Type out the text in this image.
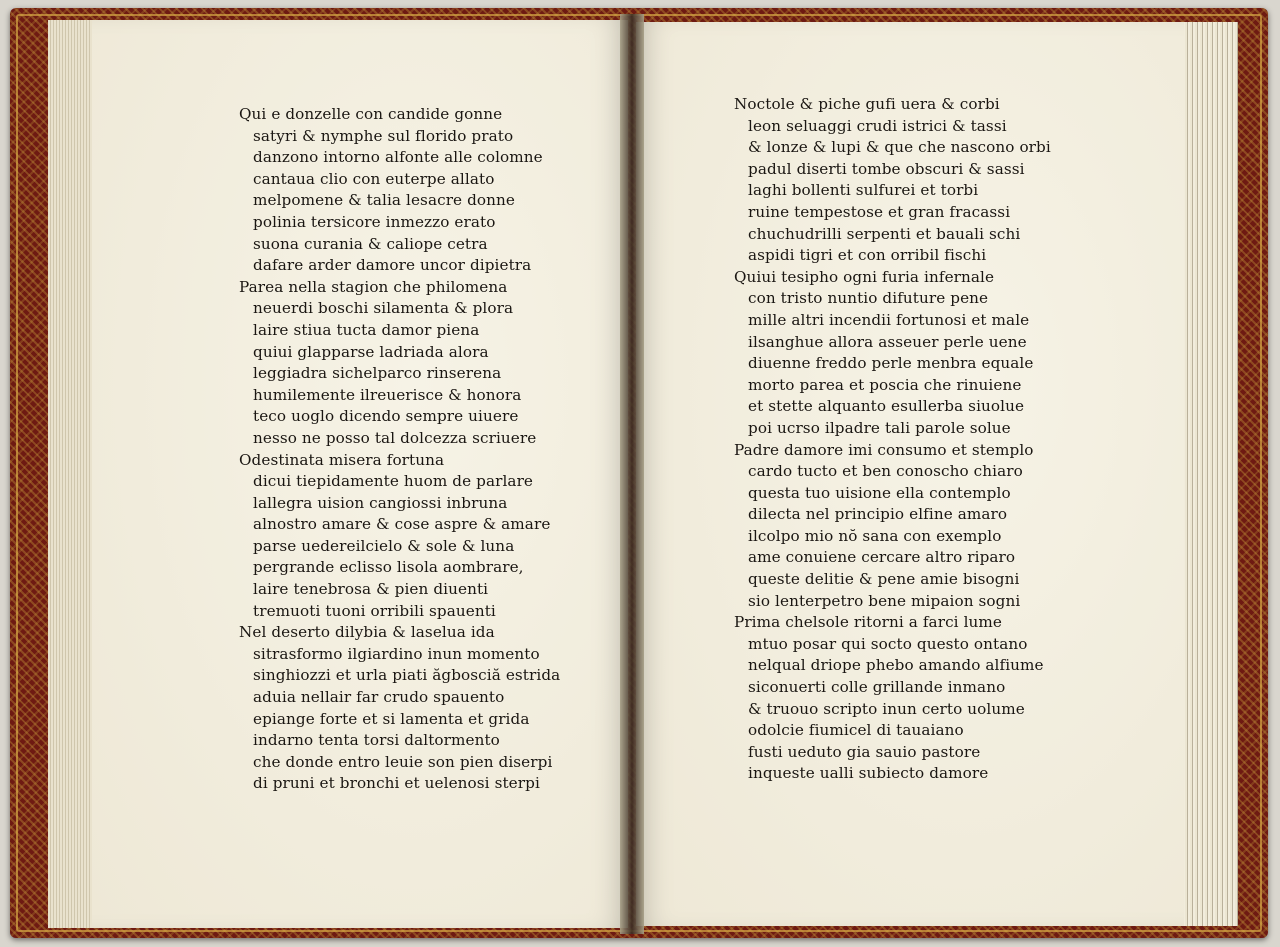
Qui e donzelle con candide gonne
satyri & nymphe sul florido prato
danzono intorno alfonte alle colomne
cantaua clio con euterpe allato
melpomene & talia lesacre donne
polinia tersicore inmezzo erato
suona curania & caliope cetra
dafare arder damore uncor dipietra
Parea nella stagion che philomena
neuerdi boschi silamenta & plora
laire stiua tucta damor piena
quiui glapparse ladriada alora
leggiadra sichelparco rinserena
humilemente ilreuerisce & honora
teco uoglo dicendo sempre uiuere
nesso ne posso tal dolcezza scriuere
Odestinata misera fortuna
dicui tiepidamente huom de parlare
lallegra uision cangiossi inbruna
alnostro amare & cose aspre & amare
parse uedereilcielo & sole & luna
pergrande eclisso lisola aombrare,
laire tenebrosa & pien diuenti
tremuoti tuoni orribili spauenti
Nel deserto dilybia & laselua ida
sitrasformo ilgiardino inun momento
singhiozzi et urla piati ăgbosciă estrida
aduia nellair far crudo spauento
epiange forte et si lamenta et grida
indarno tenta torsi daltormento
che donde entro leuie son pien diserpi
di pruni et bronchi et uelenosi sterpi
Noctole & piche gufi uera & corbi
leon seluaggi crudi istrici & tassi
& lonze & lupi & que che nascono orbi
padul diserti tombe obscuri & sassi
laghi bollenti sulfurei et torbi
ruine tempestose et gran fracassi
chuchudrilli serpenti et bauali schi
aspidi tigri et con orribil fischi
Quiui tesipho ogni furia infernale
con tristo nuntio difuture pene
mille altri incendii fortunosi et male
ilsanghue allora asseuer perle uene
diuenne freddo perle menbra equale
morto parea et poscia che rinuiene
et stette alquanto esullerba siuolue
poi ucrso ilpadre tali parole solue
Padre damore imi consumo et stemplo
cardo tucto et ben conoscho chiaro
questa tuo uisione ella contemplo
dilecta nel principio elfine amaro
ilcolpo mio nŏ sana con exemplo
ame conuiene cercare altro riparo
queste delitie & pene amie bisogni
sio lenterpetro bene mipaion sogni
Prima chelsole ritorni a farci lume
mtuo posar qui socto questo ontano
nelqual driope phebo amando alfiume
siconuerti colle grillande inmano
& truouo scripto inun certo uolume
odolcie fiumicel di tauaiano
fusti ueduto gia sauio pastore
inqueste ualli subiecto damore
